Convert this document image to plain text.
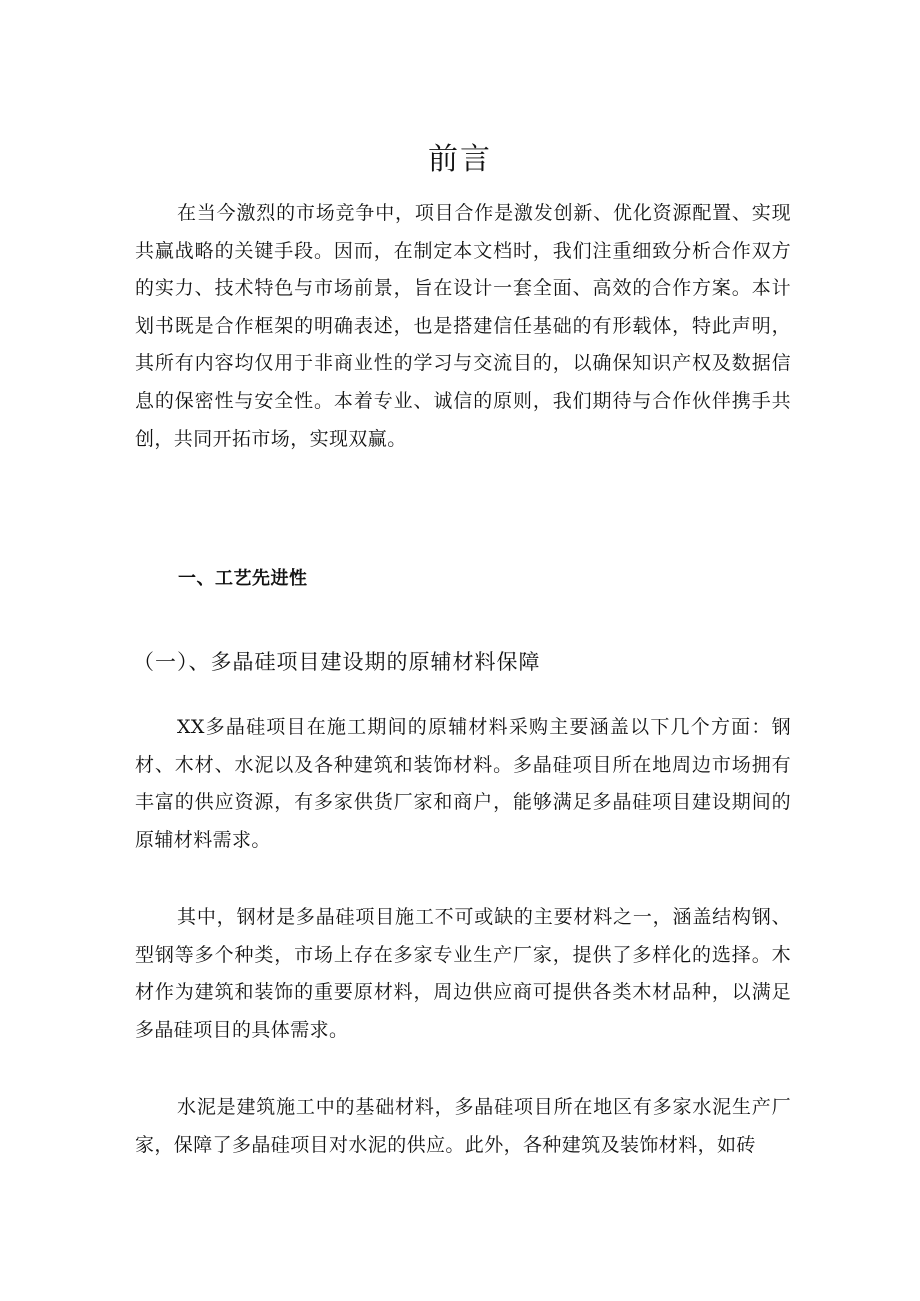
前言

在当今激烈的市场竞争中，项目合作是激发创新、优化资源配置、实现共赢战略的关键手段。因而，在制定本文档时，我们注重细致分析合作双方的实力、技术特色与市场前景，旨在设计一套全面、高效的合作方案。本计划书既是合作框架的明确表述，也是搭建信任基础的有形载体，特此声明，其所有内容均仅用于非商业性的学习与交流目的，以确保知识产权及数据信息的保密性与安全性。本着专业、诚信的原则，我们期待与合作伙伴携手共创，共同开拓市场，实现双赢。

一、工艺先进性
（一）、多晶硅项目建设期的原辅材料保障

XX多晶硅项目在施工期间的原辅材料采购主要涵盖以下几个方面：钢材、木材、水泥以及各种建筑和装饰材料。多晶硅项目所在地周边市场拥有丰富的供应资源，有多家供货厂家和商户，能够满足多晶硅项目建设期间的原辅材料需求。

其中，钢材是多晶硅项目施工不可或缺的主要材料之一，涵盖结构钢、型钢等多个种类，市场上存在多家专业生产厂家，提供了多样化的选择。木材作为建筑和装饰的重要原材料，周边供应商可提供各类木材品种，以满足多晶硅项目的具体需求。

水泥是建筑施工中的基础材料，多晶硅项目所在地区有多家水泥生产厂家，保障了多晶硅项目对水泥的供应。此外，各种建筑及装饰材料，如砖
